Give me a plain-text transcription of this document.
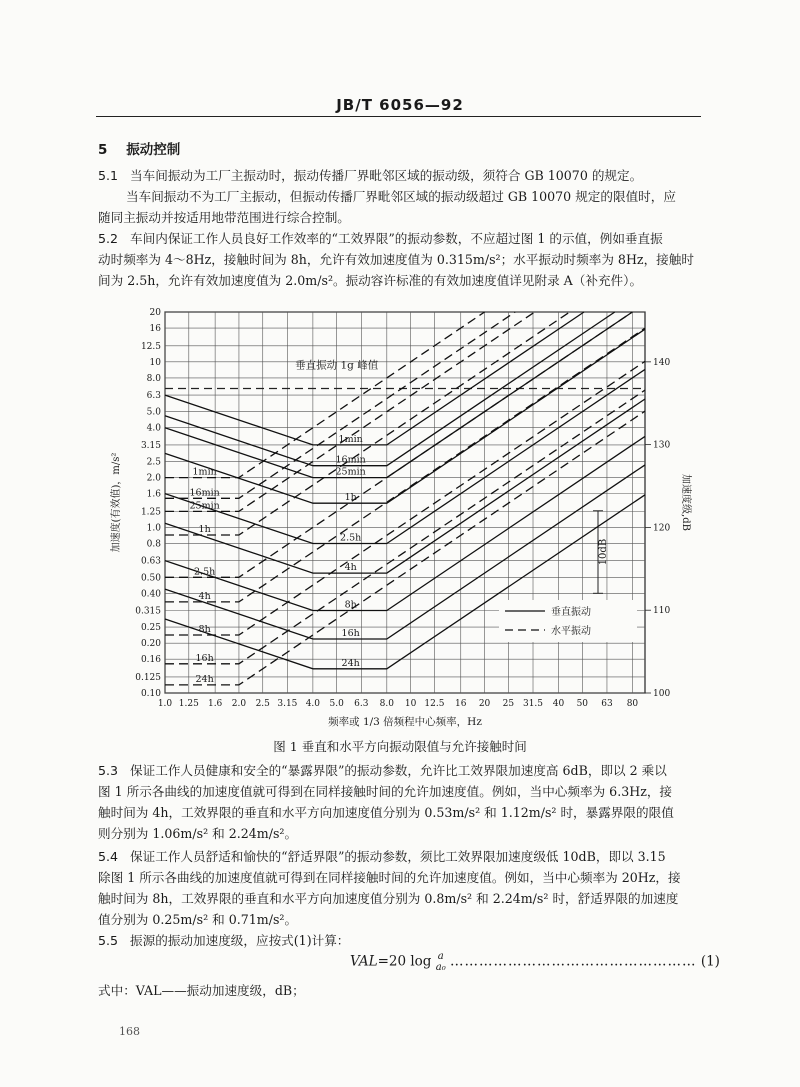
JB/T 6056—92
5 振动控制
5.1 当车间振动为工厂主振动时，振动传播厂界毗邻区域的振动级，须符合 GB 10070 的规定。
当车间振动不为工厂主振动，但振动传播厂界毗邻区域的振动级超过 GB 10070 规定的限值时，应
随同主振动并按适用地带范围进行综合控制。
5.2 车间内保证工作人员良好工作效率的“工效界限”的振动参数，不应超过图 1 的示值，例如垂直振
动时频率为 4～8Hz，接触时间为 8h，允许有效加速度值为 0.315m/s²；水平振动时频率为 8Hz，接触时
间为 2.5h，允许有效加速度值为 2.0m/s²。振动容许标准的有效加速度值详见附录 A（补充件）。
1.0 1.25 1.6 2.0 2.5 3.15 4.0 5.0 6.3 8.0 10 12.5 16 20 25 31.5 40 50 63 80
0.10
0.125
0.16
0.20
0.25
0.315
0.40
0.50
0.63
0.8
1.0
1.25
1.6
2.0
2.5
3.15
4.0
5.0
6.3
8.0
10
12.5
16
20
频率或 1/3 倍频程中心频率，Hz
加速度(有效值)，m/s²	加速度级,dB
100
110
120
130
140
10dB
垂直振动 1g 峰值
1min
16min
25min
1h
2.5h
4h
8h
16h
24h
1min
16min
25min
1h
2.5h
4h
8h
16h
24h
垂直振动
水平振动
图 1 垂直和水平方向振动限值与允许接触时间
5.3 保证工作人员健康和安全的“暴露界限”的振动参数，允许比工效界限加速度高 6dB，即以 2 乘以
图 1 所示各曲线的加速度值就可得到在同样接触时间的允许加速度值。例如，当中心频率为 6.3Hz，接
触时间为 4h，工效界限的垂直和水平方向加速度值分别为 0.53m/s² 和 1.12m/s² 时，暴露界限的限值
则分别为 1.06m/s² 和 2.24m/s²。
5.4 保证工作人员舒适和愉快的“舒适界限”的振动参数，须比工效界限加速度级低 10dB，即以 3.15
除图 1 所示各曲线的加速度值就可得到在同样接触时间的允许加速度值。例如，当中心频率为 20Hz，接
触时间为 8h，工效界限的垂直和水平方向加速度值分别为 0.8m/s² 和 2.24m/s² 时，舒适界限的加速度
值分别为 0.25m/s² 和 0.71m/s²。
5.5 振源的振动加速度级，应按式(1)计算：
VAL=20 log a
a₀ …………………………………………… (1)
式中：VAL——振动加速度级，dB；
168
